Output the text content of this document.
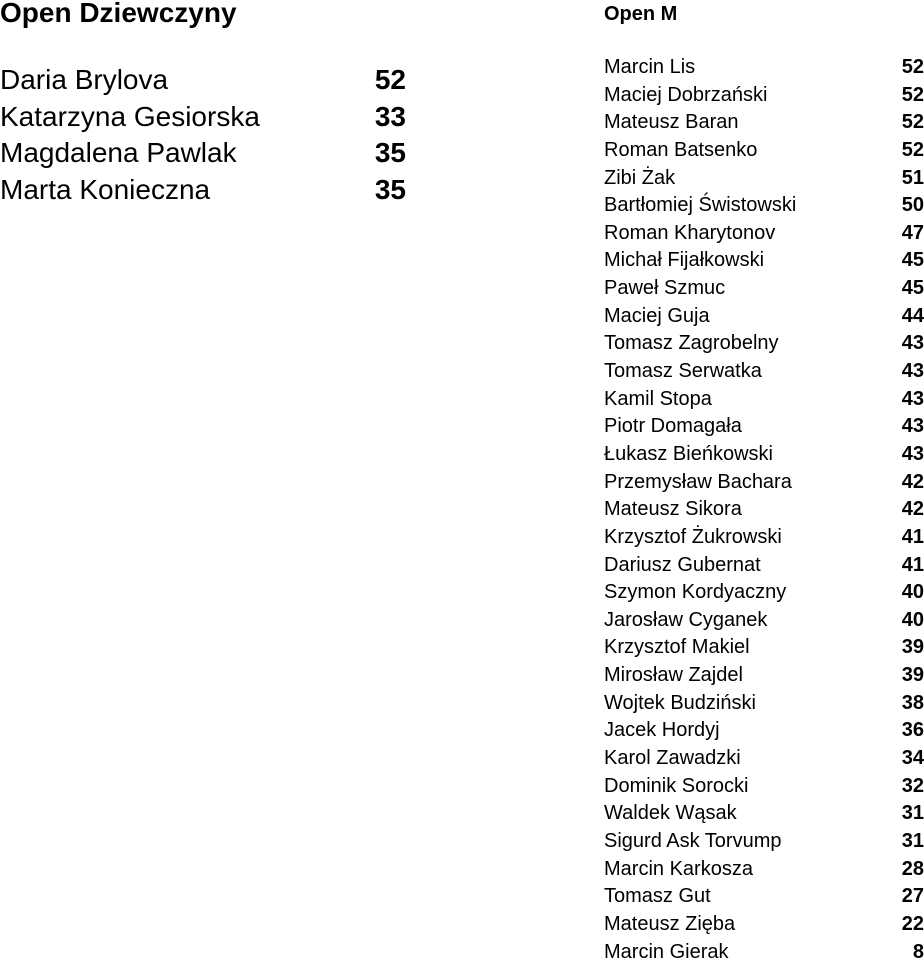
Open Dziewczyny
Daria Brylova	52
Katarzyna Gesiorska	33
Magdalena Pawlak	35
Marta Konieczna	35
Open M
Marcin Lis	52
Maciej Dobrzański	52
Mateusz Baran	52
Roman Batsenko	52
Zibi Żak	51
Bartłomiej Świstowski	50
Roman Kharytonov	47
Michał Fijałkowski	45
Paweł Szmuc	45
Maciej Guja	44
Tomasz Zagrobelny	43
Tomasz Serwatka	43
Kamil Stopa	43
Piotr Domagała	43
Łukasz Bieńkowski	43
Przemysław Bachara	42
Mateusz Sikora	42
Krzysztof Żukrowski	41
Dariusz Gubernat	41
Szymon Kordyaczny	40
Jarosław Cyganek	40
Krzysztof Makiel	39
Mirosław Zajdel	39
Wojtek Budziński	38
Jacek Hordyj	36
Karol Zawadzki	34
Dominik Sorocki	32
Waldek Wąsak	31
Sigurd Ask Torvump	31
Marcin Karkosza	28
Tomasz Gut	27
Mateusz Zięba	22
Marcin Gierak	8
